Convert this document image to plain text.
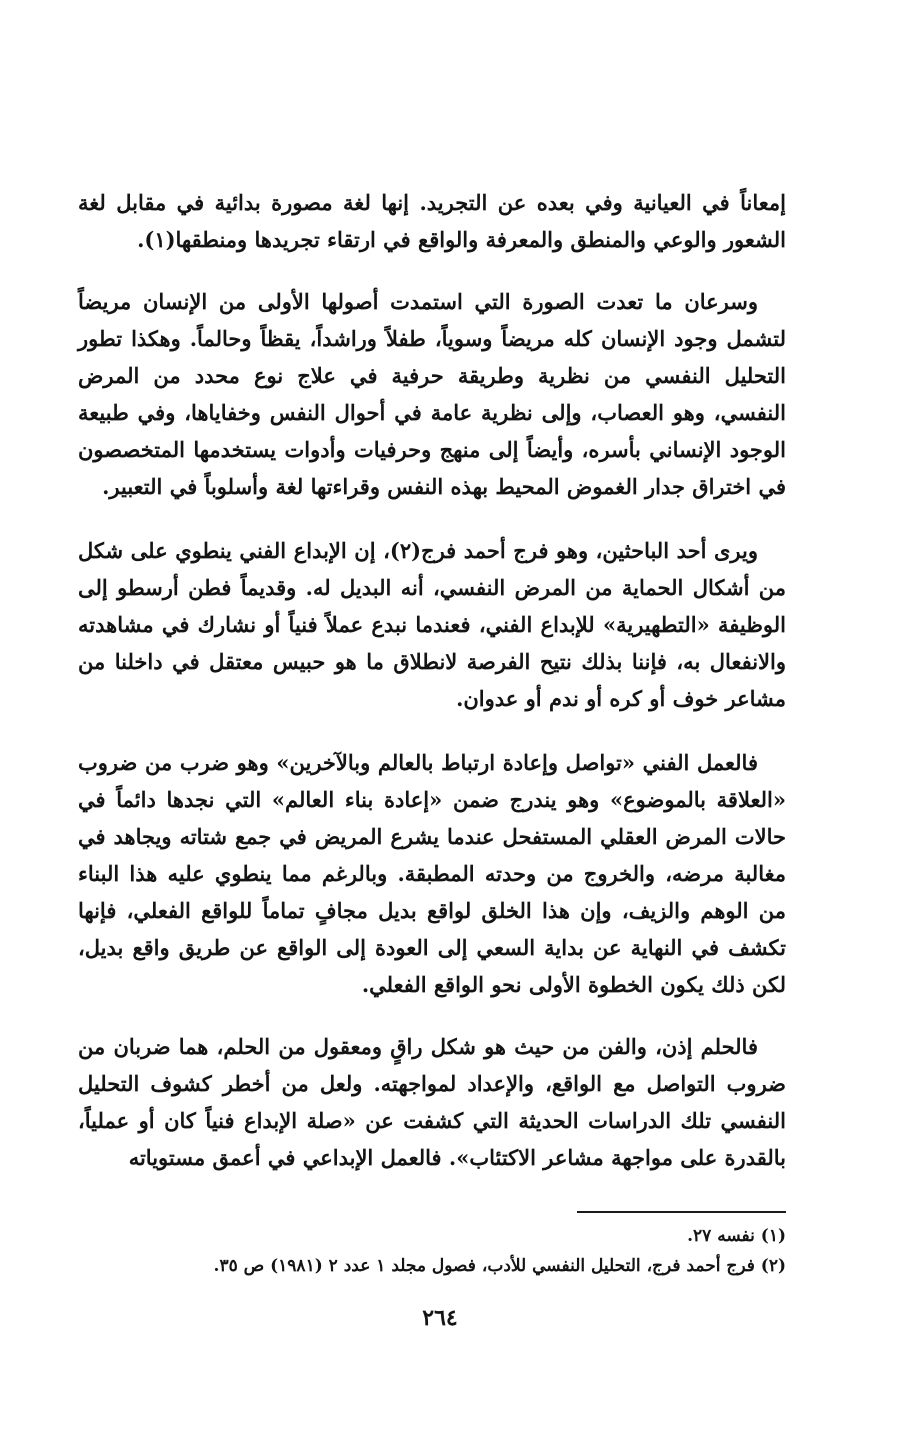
إمعاناً في العيانية وفي بعده عن التجريد. إنها لغة مصورة بدائية في مقابل لغة الشعور والوعي والمنطق والمعرفة والواقع في ارتقاء تجريدها ومنطقها(١).

وسرعان ما تعدت الصورة التي استمدت أصولها الأولى من الإنسان مريضاً لتشمل وجود الإنسان كله مريضاً وسوياً، طفلاً وراشداً، يقظاً وحالماً. وهكذا تطور التحليل النفسي من نظرية وطريقة حرفية في علاج نوع محدد من المرض النفسي، وهو العصاب، وإلى نظرية عامة في أحوال النفس وخفاياها، وفي طبيعة الوجود الإنساني بأسره، وأيضاً إلى منهج وحرفيات وأدوات يستخدمها المتخصصون في اختراق جدار الغموض المحيط بهذه النفس وقراءتها لغة وأسلوباً في التعبير.

ويرى أحد الباحثين، وهو فرج أحمد فرج(٢)، إن الإبداع الفني ينطوي على شكل من أشكال الحماية من المرض النفسي، أنه البديل له. وقديماً فطن أرسطو إلى الوظيفة «التطهيرية» للإبداع الفني، فعندما نبدع عملاً فنياً أو نشارك في مشاهدته والانفعال به، فإننا بذلك نتيح الفرصة لانطلاق ما هو حبيس معتقل في داخلنا من مشاعر خوف أو كره أو ندم أو عدوان.

فالعمل الفني «تواصل وإعادة ارتباط بالعالم وبالآخرين» وهو ضرب من ضروب «العلاقة بالموضوع» وهو يندرج ضمن «إعادة بناء العالم» التي نجدها دائماً في حالات المرض العقلي المستفحل عندما يشرع المريض في جمع شتاته ويجاهد في مغالبة مرضه، والخروج من وحدته المطبقة. وبالرغم مما ينطوي عليه هذا البناء من الوهم والزيف، وإن هذا الخلق لواقع بديل مجافٍ تماماً للواقع الفعلي، فإنها تكشف في النهاية عن بداية السعي إلى العودة إلى الواقع عن طريق واقع بديل، لكن ذلك يكون الخطوة الأولى نحو الواقع الفعلي.

فالحلم إذن، والفن من حيث هو شكل راقٍ ومعقول من الحلم، هما ضربان من ضروب التواصل مع الواقع، والإعداد لمواجهته. ولعل من أخطر كشوف التحليل النفسي تلك الدراسات الحديثة التي كشفت عن «صلة الإبداع فنياً كان أو عملياً، بالقدرة على مواجهة مشاعر الاكتئاب». فالعمل الإبداعي في أعمق مستوياته

(١) نفسه ٢٧.
(٢) فرج أحمد فرج، التحليل النفسي للأدب، فصول مجلد ١ عدد ٢ (١٩٨١) ص ٣٥.
٢٦٤
